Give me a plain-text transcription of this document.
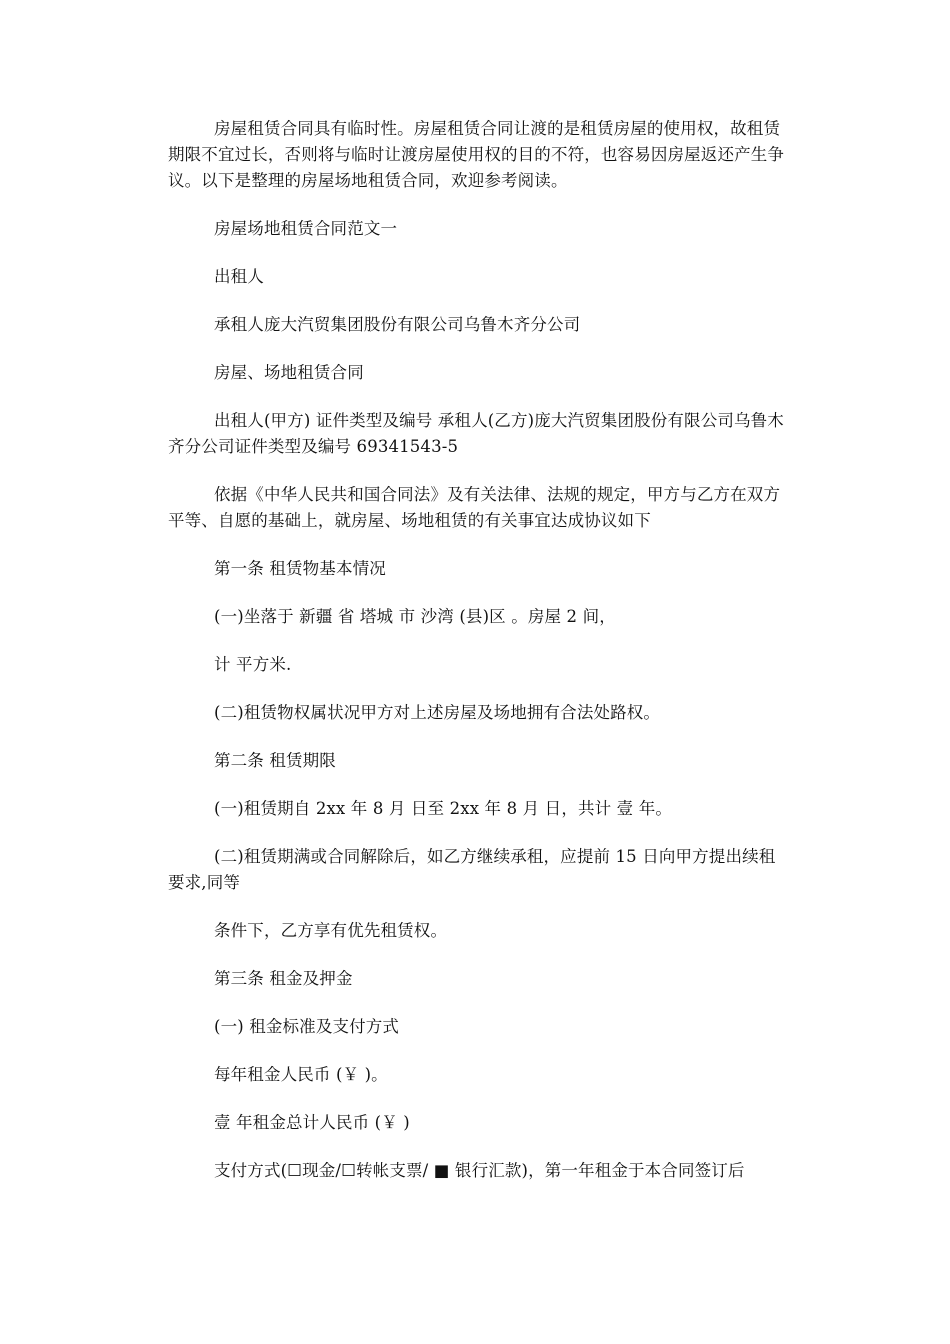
房屋租赁合同具有临时性。房屋租赁合同让渡的是租赁房屋的使用权，故租赁期限不宜过长，否则将与临时让渡房屋使用权的目的不符，也容易因房屋返还产生争议。以下是整理的房屋场地租赁合同，欢迎参考阅读。

房屋场地租赁合同范文一

出租人

承租人庞大汽贸集团股份有限公司乌鲁木齐分公司

房屋、场地租赁合同

出租人(甲方) 证件类型及编号 承租人(乙方)庞大汽贸集团股份有限公司乌鲁木齐分公司证件类型及编号 69341543-5

依据《中华人民共和国合同法》及有关法律、法规的规定，甲方与乙方在双方平等、自愿的基础上，就房屋、场地租赁的有关事宜达成协议如下

第一条 租赁物基本情况

(一)坐落于 新疆 省 塔城 市 沙湾 (县)区 。房屋 2 间，

计 平方米.

(二)租赁物权属状况甲方对上述房屋及场地拥有合法处路权。

第二条 租赁期限

(一)租赁期自 2xx 年 8 月 日至 2xx 年 8 月 日，共计 壹 年。

(二)租赁期满或合同解除后，如乙方继续承租，应提前 15 日向甲方提出续租要求,同等

条件下，乙方享有优先租赁权。

第三条 租金及押金

(一) 租金标准及支付方式

每年租金人民币 (￥ )。

壹 年租金总计人民币 (￥ )

支付方式(☐现金/☐转帐支票/ ■ 银行汇款)，第一年租金于本合同签订后
